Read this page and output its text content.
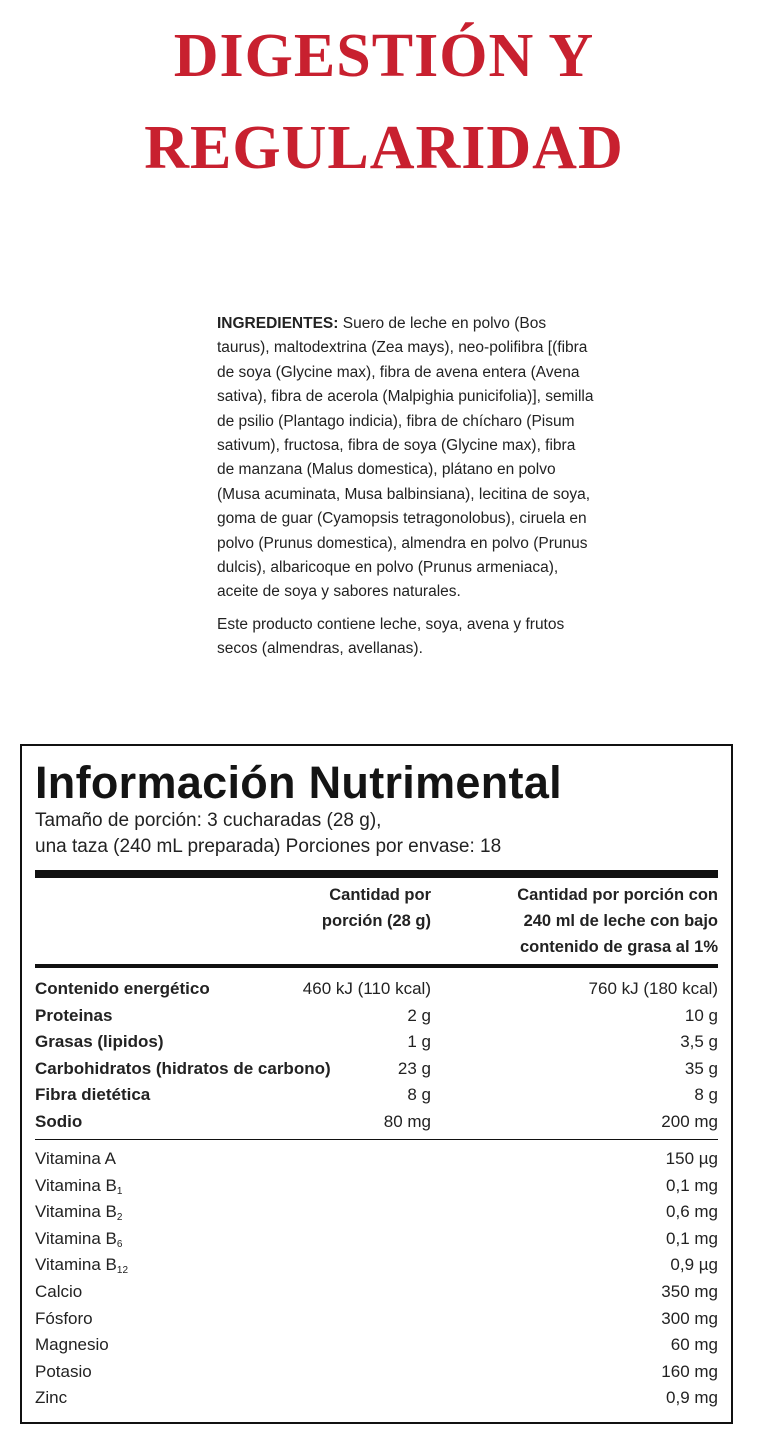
DIGESTIÓN Y
REGULARIDAD

INGREDIENTES: Suero de leche en polvo (Bos taurus), maltodextrina (Zea mays), neo-polifibra [(fibra de soya (Glycine max), fibra de avena entera (Avena sativa), fibra de acerola (Malpighia punicifolia)], semilla de psilio (Plantago indicia), fibra de chícharo (Pisum sativum), fructosa, fibra de soya (Glycine max), fibra de manzana (Malus domestica), plátano en polvo (Musa acuminata, Musa balbinsiana), lecitina de soya, goma de guar (Cyamopsis tetragonolobus), ciruela en polvo (Prunus domestica), almendra en polvo (Prunus dulcis), albaricoque en polvo (Prunus armeniaca), aceite de soya y sabores naturales.

Este producto contiene leche, soya, avena y frutos secos (almendras, avellanas).

Información Nutrimental
Tamaño de porción: 3 cucharadas (28 g),
una taza (240 mL preparada) Porciones por envase: 18
Cantidad por
porción (28 g)
Cantidad por porción con
240 ml de leche con bajo
contenido de grasa al 1%
Contenido energético	460 kJ (110 kcal)	760 kJ (180 kcal)
Proteinas	2 g	10 g
Grasas (lipidos)	1 g	3,5 g
Carbohidratos (hidratos de carbono)	23 g	35 g
Fibra dietética	8 g	8 g
Sodio	80 mg	200 mg
Vitamina A	150 µg
Vitamina $B_1$	0,1 mg
Vitamina $B_2$	0,6 mg
Vitamina $B_6$	0,1 mg
Vitamina $B_{12}$	0,9 µg
Calcio	350 mg
Fósforo	300 mg
Magnesio	60 mg
Potasio	160 mg
Zinc	0,9 mg
